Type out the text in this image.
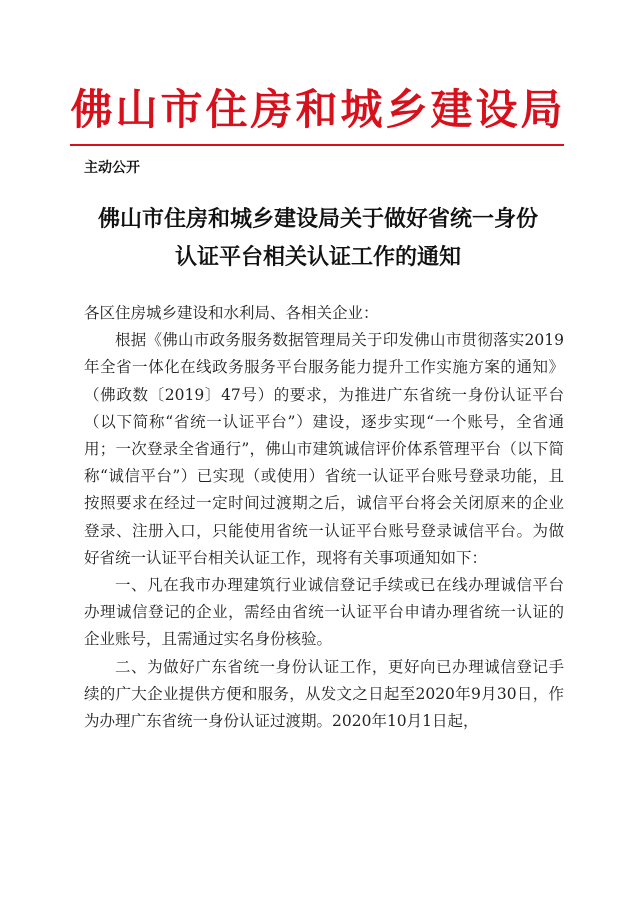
佛山市住房和城乡建设局
主动公开
佛山市住房和城乡建设局关于做好省统一身份
认证平台相关认证工作的通知

各区住房城乡建设和水利局、各相关企业：

根据《佛山市政务服务数据管理局关于印发佛山市贯彻落实2019年全省一体化在线政务服务平台服务能力提升工作实施方案的通知》（佛政数〔2019〕47号）的要求，为推进广东省统一身份认证平台（以下简称“省统一认证平台”）建设，逐步实现“一个账号，全省通用；一次登录全省通行”，佛山市建筑诚信评价体系管理平台（以下简称“诚信平台”）已实现（或使用）省统一认证平台账号登录功能，且按照要求在经过一定时间过渡期之后，诚信平台将会关闭原来的企业登录、注册入口，只能使用省统一认证平台账号登录诚信平台。为做好省统一认证平台相关认证工作，现将有关事项通知如下：

一、凡在我市办理建筑行业诚信登记手续或已在线办理诚信平台办理诚信登记的企业，需经由省统一认证平台申请办理省统一认证的企业账号，且需通过实名身份核验。

二、为做好广东省统一身份认证工作，更好向已办理诚信登记手续的广大企业提供方便和服务，从发文之日起至2020年9月30日，作为办理广东省统一身份认证过渡期。2020年10月1日起，
